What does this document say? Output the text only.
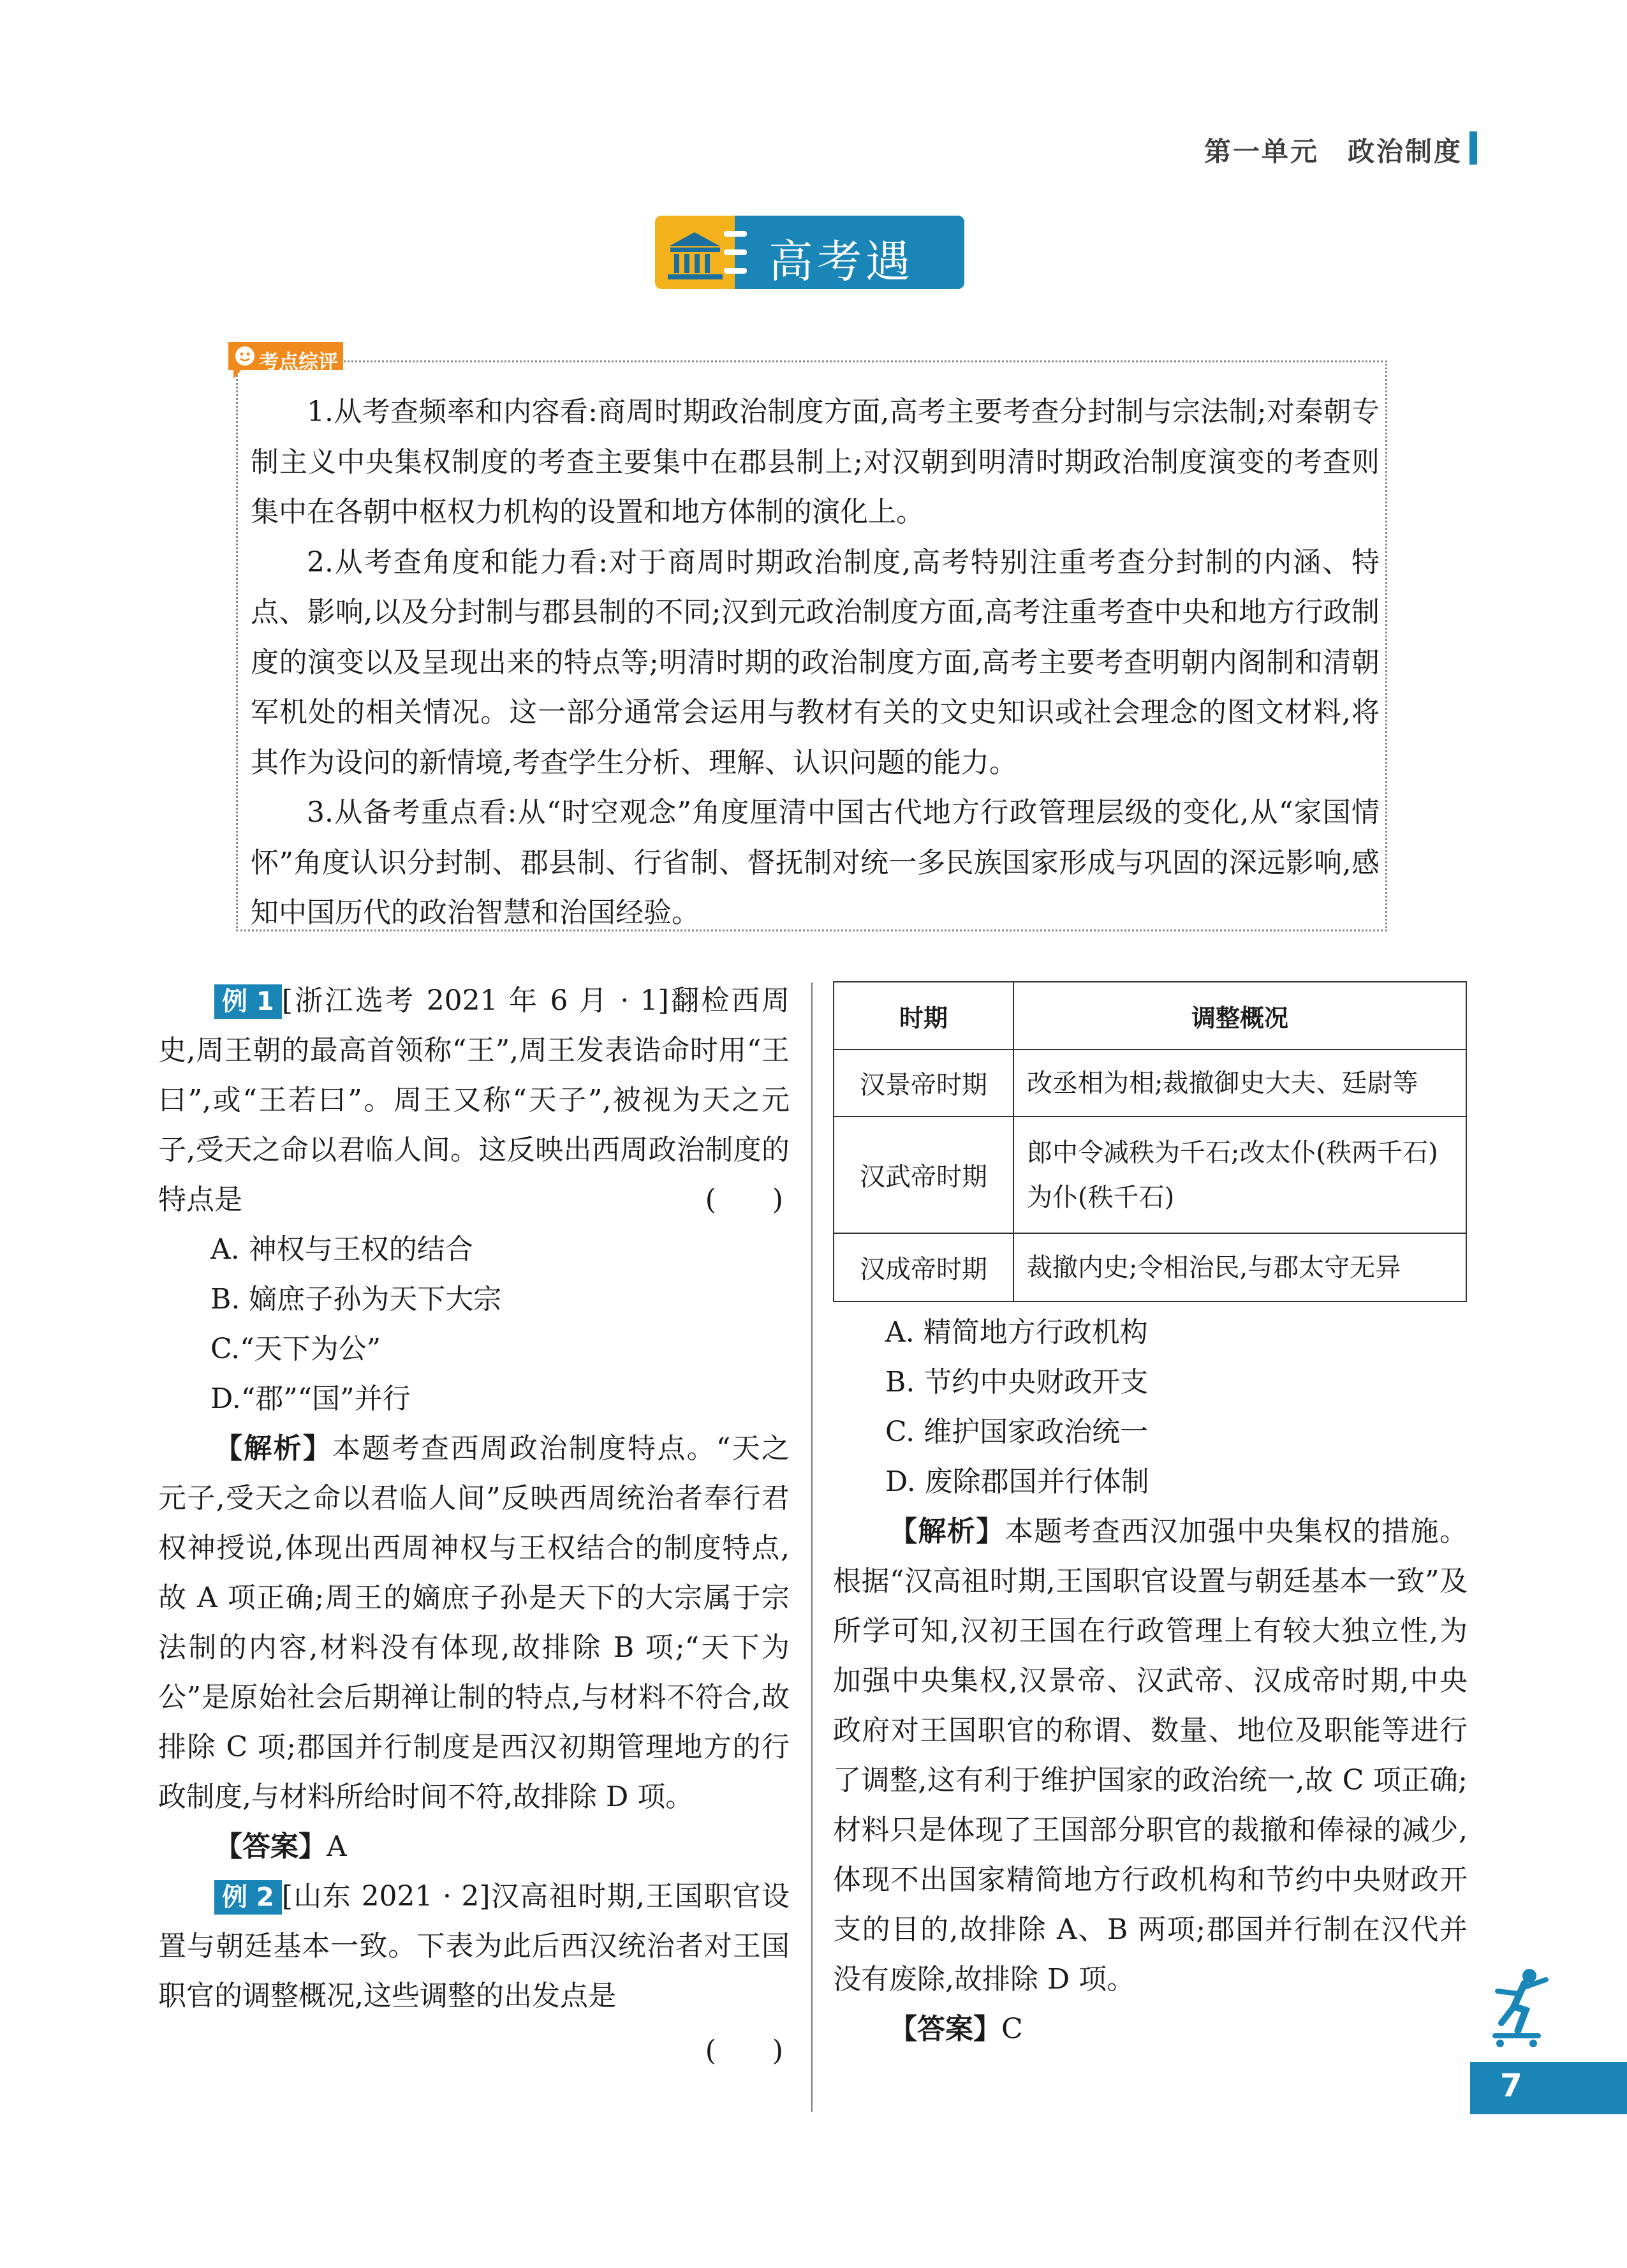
第一单元　政治制度
高考遇
考点综评

1.从考查频率和内容看:商周时期政治制度方面,高考主要考查分封制与宗法制;对秦朝专制主义中央集权制度的考查主要集中在郡县制上;对汉朝到明清时期政治制度演变的考查则集中在各朝中枢权力机构的设置和地方体制的演化上。

2.从考查角度和能力看:对于商周时期政治制度,高考特别注重考查分封制的内涵、特点、影响,以及分封制与郡县制的不同;汉到元政治制度方面,高考注重考查中央和地方行政制度的演变以及呈现出来的特点等;明清时期的政治制度方面,高考主要考查明朝内阁制和清朝军机处的相关情况。这一部分通常会运用与教材有关的文史知识或社会理念的图文材料,将其作为设问的新情境,考查学生分析、理解、认识问题的能力。

3.从备考重点看:从“时空观念”角度厘清中国古代地方行政管理层级的变化,从“家国情怀”角度认识分封制、郡县制、行省制、督抚制对统一多民族国家形成与巩固的深远影响,感知中国历代的政治智慧和治国经验。

例 1 [浙江选考 2021 年 6 月 · 1]翻检西周史,周王朝的最高首领称“王”,周王发表诰命时用“王曰”,或“王若曰”。周王又称“天子”,被视为天之元子,受天之命以君临人间。这反映出西周政治制度的特点是	(　　)

A. 神权与王权的结合

B. 嫡庶子孙为天下大宗

C.“天下为公”

D.“郡”“国”并行

【解析】本题考查西周政治制度特点。“天之元子,受天之命以君临人间”反映西周统治者奉行君权神授说,体现出西周神权与王权结合的制度特点,故 A 项正确;周王的嫡庶子孙是天下的大宗属于宗法制的内容,材料没有体现,故排除 B 项;“天下为公”是原始社会后期禅让制的特点,与材料不符合,故排除 C 项;郡国并行制度是西汉初期管理地方的行政制度,与材料所给时间不符,故排除 D 项。

【答案】A

例 2 [山东 2021 · 2]汉高祖时期,王国职官设置与朝廷基本一致。下表为此后西汉统治者对王国职官的调整概况,这些调整的出发点是

(　　)

时期	调整概况
汉景帝时期	改丞相为相;裁撤御史大夫、廷尉等
汉武帝时期	郎中令减秩为千石;改太仆(秩两千石)为仆(秩千石)
汉成帝时期	裁撤内史;令相治民,与郡太守无异

A. 精简地方行政机构

B. 节约中央财政开支

C. 维护国家政治统一

D. 废除郡国并行体制

【解析】本题考查西汉加强中央集权的措施。根据“汉高祖时期,王国职官设置与朝廷基本一致”及所学可知,汉初王国在行政管理上有较大独立性,为加强中央集权,汉景帝、汉武帝、汉成帝时期,中央政府对王国职官的称谓、数量、地位及职能等进行了调整,这有利于维护国家的政治统一,故 C 项正确;材料只是体现了王国部分职官的裁撤和俸禄的减少,体现不出国家精简地方行政机构和节约中央财政开支的目的,故排除 A、B 两项;郡国并行制在汉代并没有废除,故排除 D 项。

【答案】C

7
